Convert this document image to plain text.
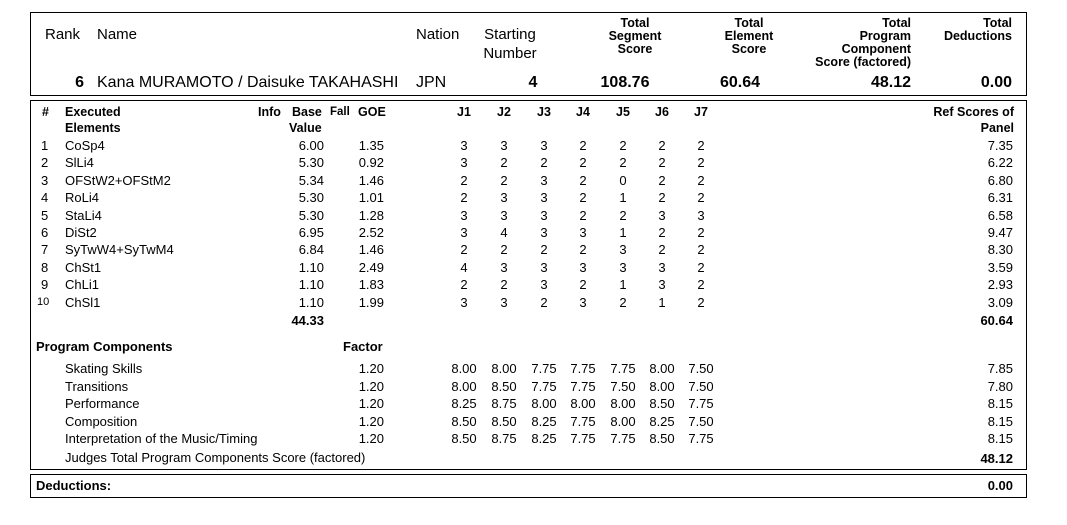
Rank Name	Nation Starting
Number
Total
Segment
Score
Total
Element
Score
Total
Program
Component
Score (factored)
Total
Deductions
6 Kana MURAMOTO / Daisuke TAKAHASHI JPN	4	108.76	60.64	48.12	0.00
# Executed
Elements
Info Base
Value
Fall GOE	J1	J2	J3	J4	J5	J6	J7	Ref Scores of
Panel
1 CoSp4	6.00	1.35	3	3	3	2	2	2	2	7.35
2 SlLi4	5.30	0.92	3	2	2	2	2	2	2	6.22
3 OFStW2+OFStM2	5.34	1.46	2	2	3	2	0	2	2	6.80
4 RoLi4	5.30	1.01	2	3	3	2	1	2	2	6.31
5 StaLi4	5.30	1.28	3	3	3	2	2	3	3	6.58
6 DiSt2	6.95	2.52	3	4	3	3	1	2	2	9.47
7 SyTwW4+SyTwM4	6.84	1.46	2	2	2	2	3	2	2	8.30
8 ChSt1	1.10	2.49	4	3	3	3	3	3	2	3.59
9 ChLi1	1.10	1.83	2	2	3	2	1	3	2	2.93
10 ChSl1	1.10	1.99	3	3	2	3	2	1	2	3.09
44.33	60.64
Program Components	Factor
Skating Skills	1.20	8.00	8.00	7.75	7.75	7.75	8.00	7.50	7.85
Transitions	1.20	8.00	8.50	7.75	7.75	7.50	8.00	7.50	7.80
Performance	1.20	8.25	8.75	8.00	8.00	8.00	8.50	7.75	8.15
Composition	1.20	8.50	8.50	8.25	7.75	8.00	8.25	7.50	8.15
Interpretation of the Music/Timing	1.20	8.50	8.75	8.25	7.75	7.75	8.50	7.75	8.15
Judges Total Program Components Score (factored)	48.12
Deductions:	0.00
